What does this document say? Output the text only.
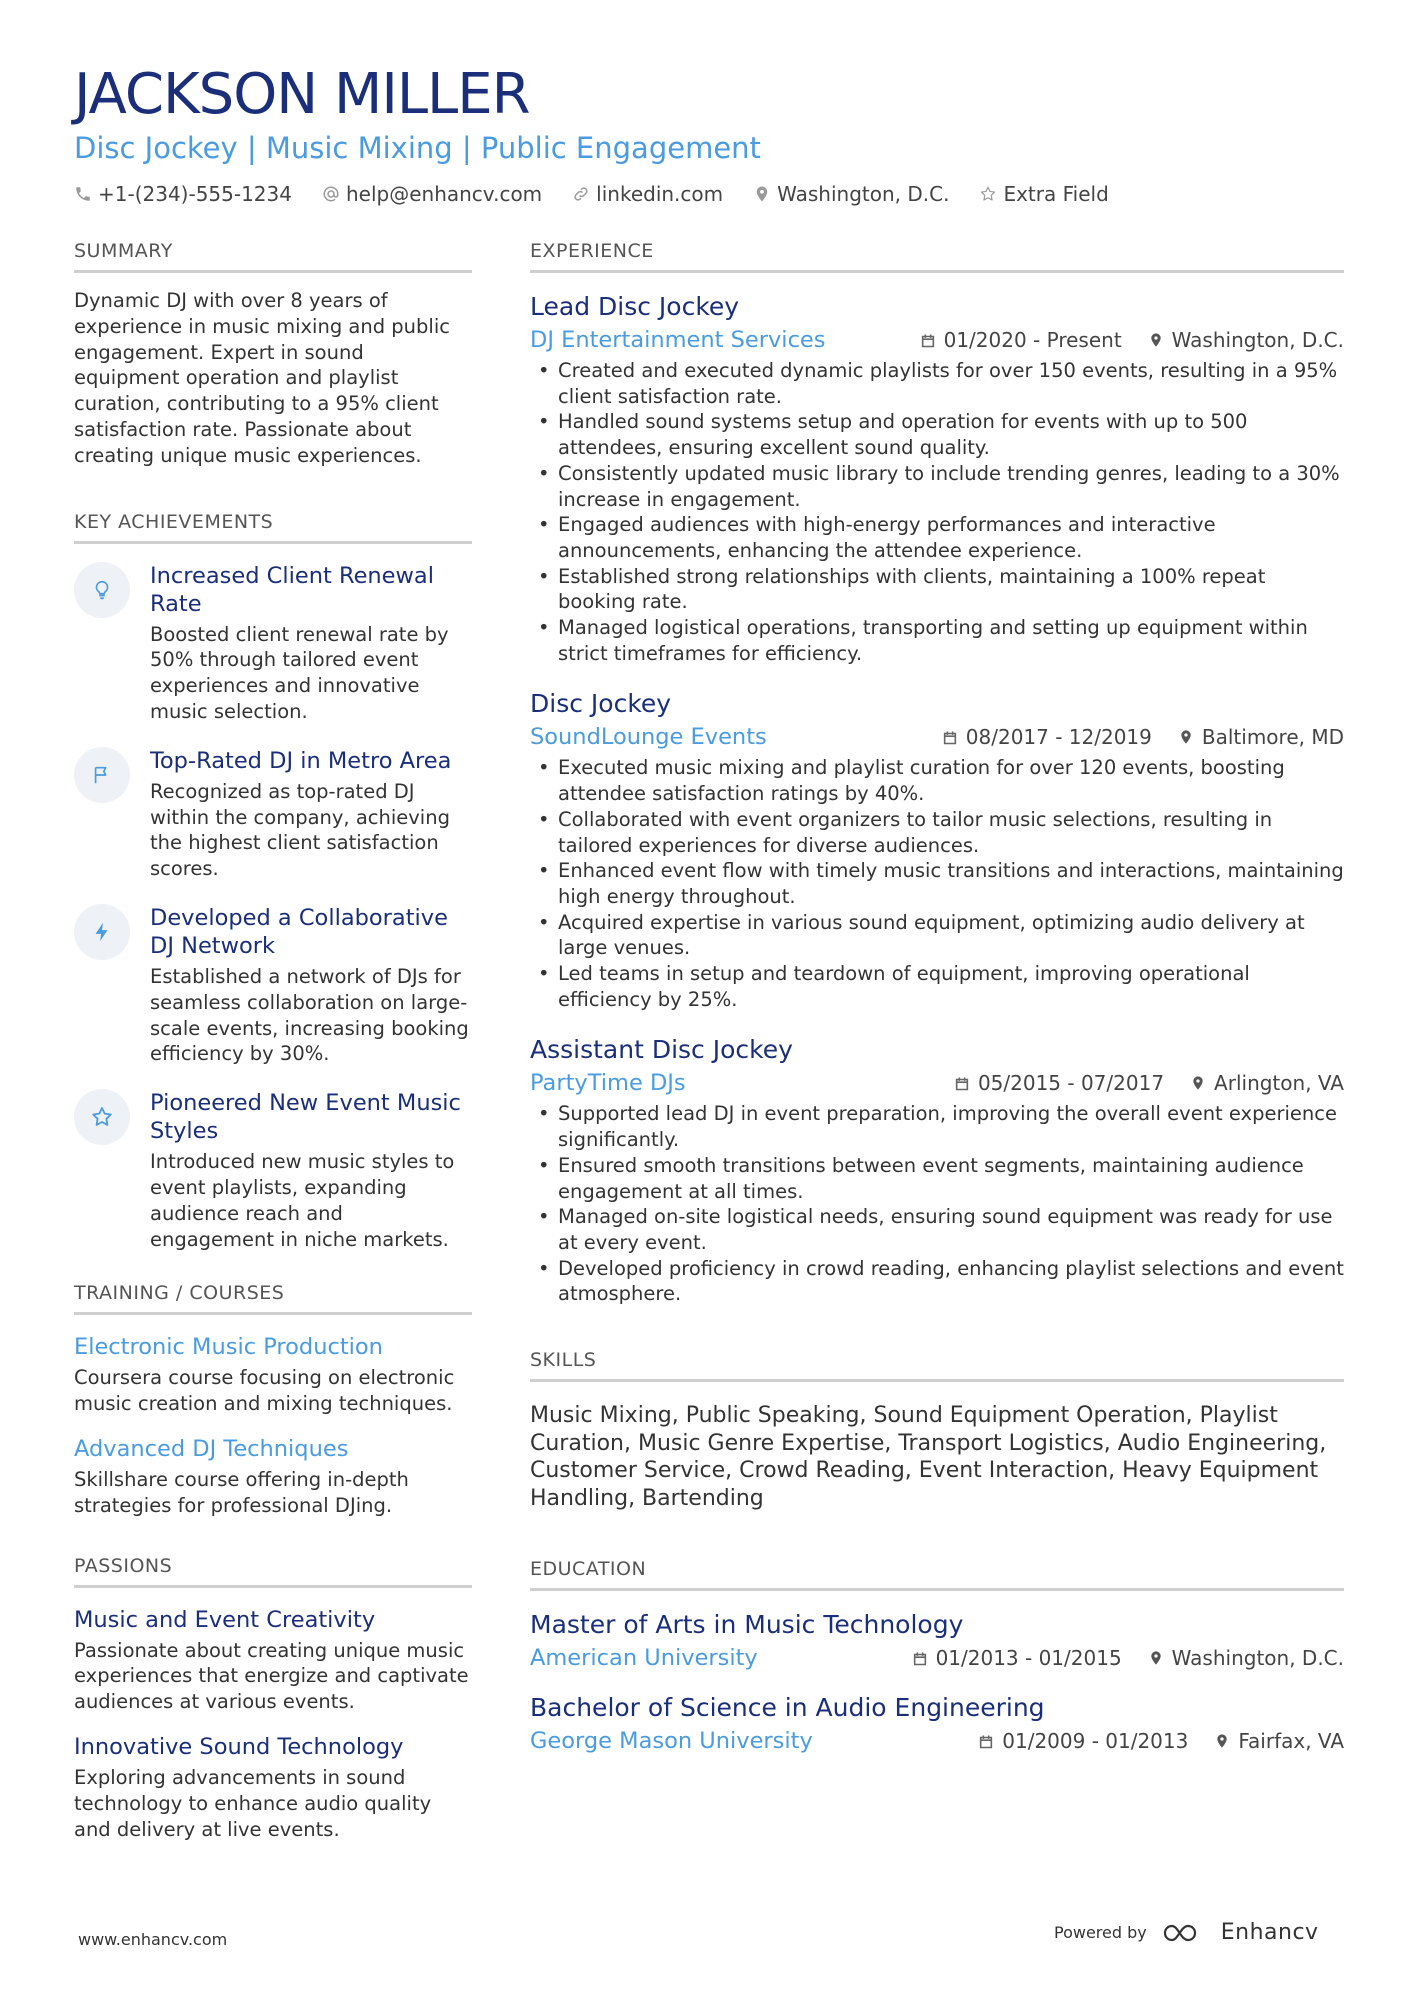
JACKSON MILLER
Disc Jockey | Music Mixing | Public Engagement
+1-(234)-555-1234	help@enhancv.com	linkedin.com	Washington, D.C.	Extra Field
SUMMARY
Dynamic DJ with over 8 years of experience in music mixing and public engagement. Expert in sound equipment operation and playlist curation, contributing to a 95% client satisfaction rate. Passionate about creating unique music experiences.
KEY ACHIEVEMENTS
Increased Client Renewal Rate
Boosted client renewal rate by 50% through tailored event experiences and innovative music selection.
Top-Rated DJ in Metro Area
Recognized as top-rated DJ within the company, achieving the highest client satisfaction scores.
Developed a Collaborative DJ Network
Established a network of DJs for seamless collaboration on large-scale events, increasing booking efficiency by 30%.
Pioneered New Event Music Styles
Introduced new music styles to event playlists, expanding audience reach and engagement in niche markets.
TRAINING / COURSES
Electronic Music Production
Coursera course focusing on electronic music creation and mixing techniques.
Advanced DJ Techniques
Skillshare course offering in-depth strategies for professional DJing.
PASSIONS
Music and Event Creativity
Passionate about creating unique music experiences that energize and captivate audiences at various events.
Innovative Sound Technology
Exploring advancements in sound technology to enhance audio quality and delivery at live events.
EXPERIENCE
Lead Disc Jockey
DJ Entertainment Services	01/2020 - Present	Washington, D.C.
• Created and executed dynamic playlists for over 150 events, resulting in a 95% client satisfaction rate.
• Handled sound systems setup and operation for events with up to 500 attendees, ensuring excellent sound quality.
• Consistently updated music library to include trending genres, leading to a 30% increase in engagement.
• Engaged audiences with high-energy performances and interactive announcements, enhancing the attendee experience.
• Established strong relationships with clients, maintaining a 100% repeat booking rate.
• Managed logistical operations, transporting and setting up equipment within strict timeframes for efficiency.
Disc Jockey
SoundLounge Events	08/2017 - 12/2019	Baltimore, MD
• Executed music mixing and playlist curation for over 120 events, boosting attendee satisfaction ratings by 40%.
• Collaborated with event organizers to tailor music selections, resulting in tailored experiences for diverse audiences.
• Enhanced event flow with timely music transitions and interactions, maintaining high energy throughout.
• Acquired expertise in various sound equipment, optimizing audio delivery at large venues.
• Led teams in setup and teardown of equipment, improving operational efficiency by 25%.
Assistant Disc Jockey
PartyTime DJs	05/2015 - 07/2017	Arlington, VA
• Supported lead DJ in event preparation, improving the overall event experience significantly.
• Ensured smooth transitions between event segments, maintaining audience engagement at all times.
• Managed on-site logistical needs, ensuring sound equipment was ready for use at every event.
• Developed proficiency in crowd reading, enhancing playlist selections and event atmosphere.
SKILLS
Music Mixing, Public Speaking, Sound Equipment Operation, Playlist Curation, Music Genre Expertise, Transport Logistics, Audio Engineering, Customer Service, Crowd Reading, Event Interaction, Heavy Equipment Handling, Bartending
EDUCATION
Master of Arts in Music Technology
American University	01/2013 - 01/2015	Washington, D.C.
Bachelor of Science in Audio Engineering
George Mason University	01/2009 - 01/2013	Fairfax, VA
www.enhancv.com	Powered by	Enhancv
